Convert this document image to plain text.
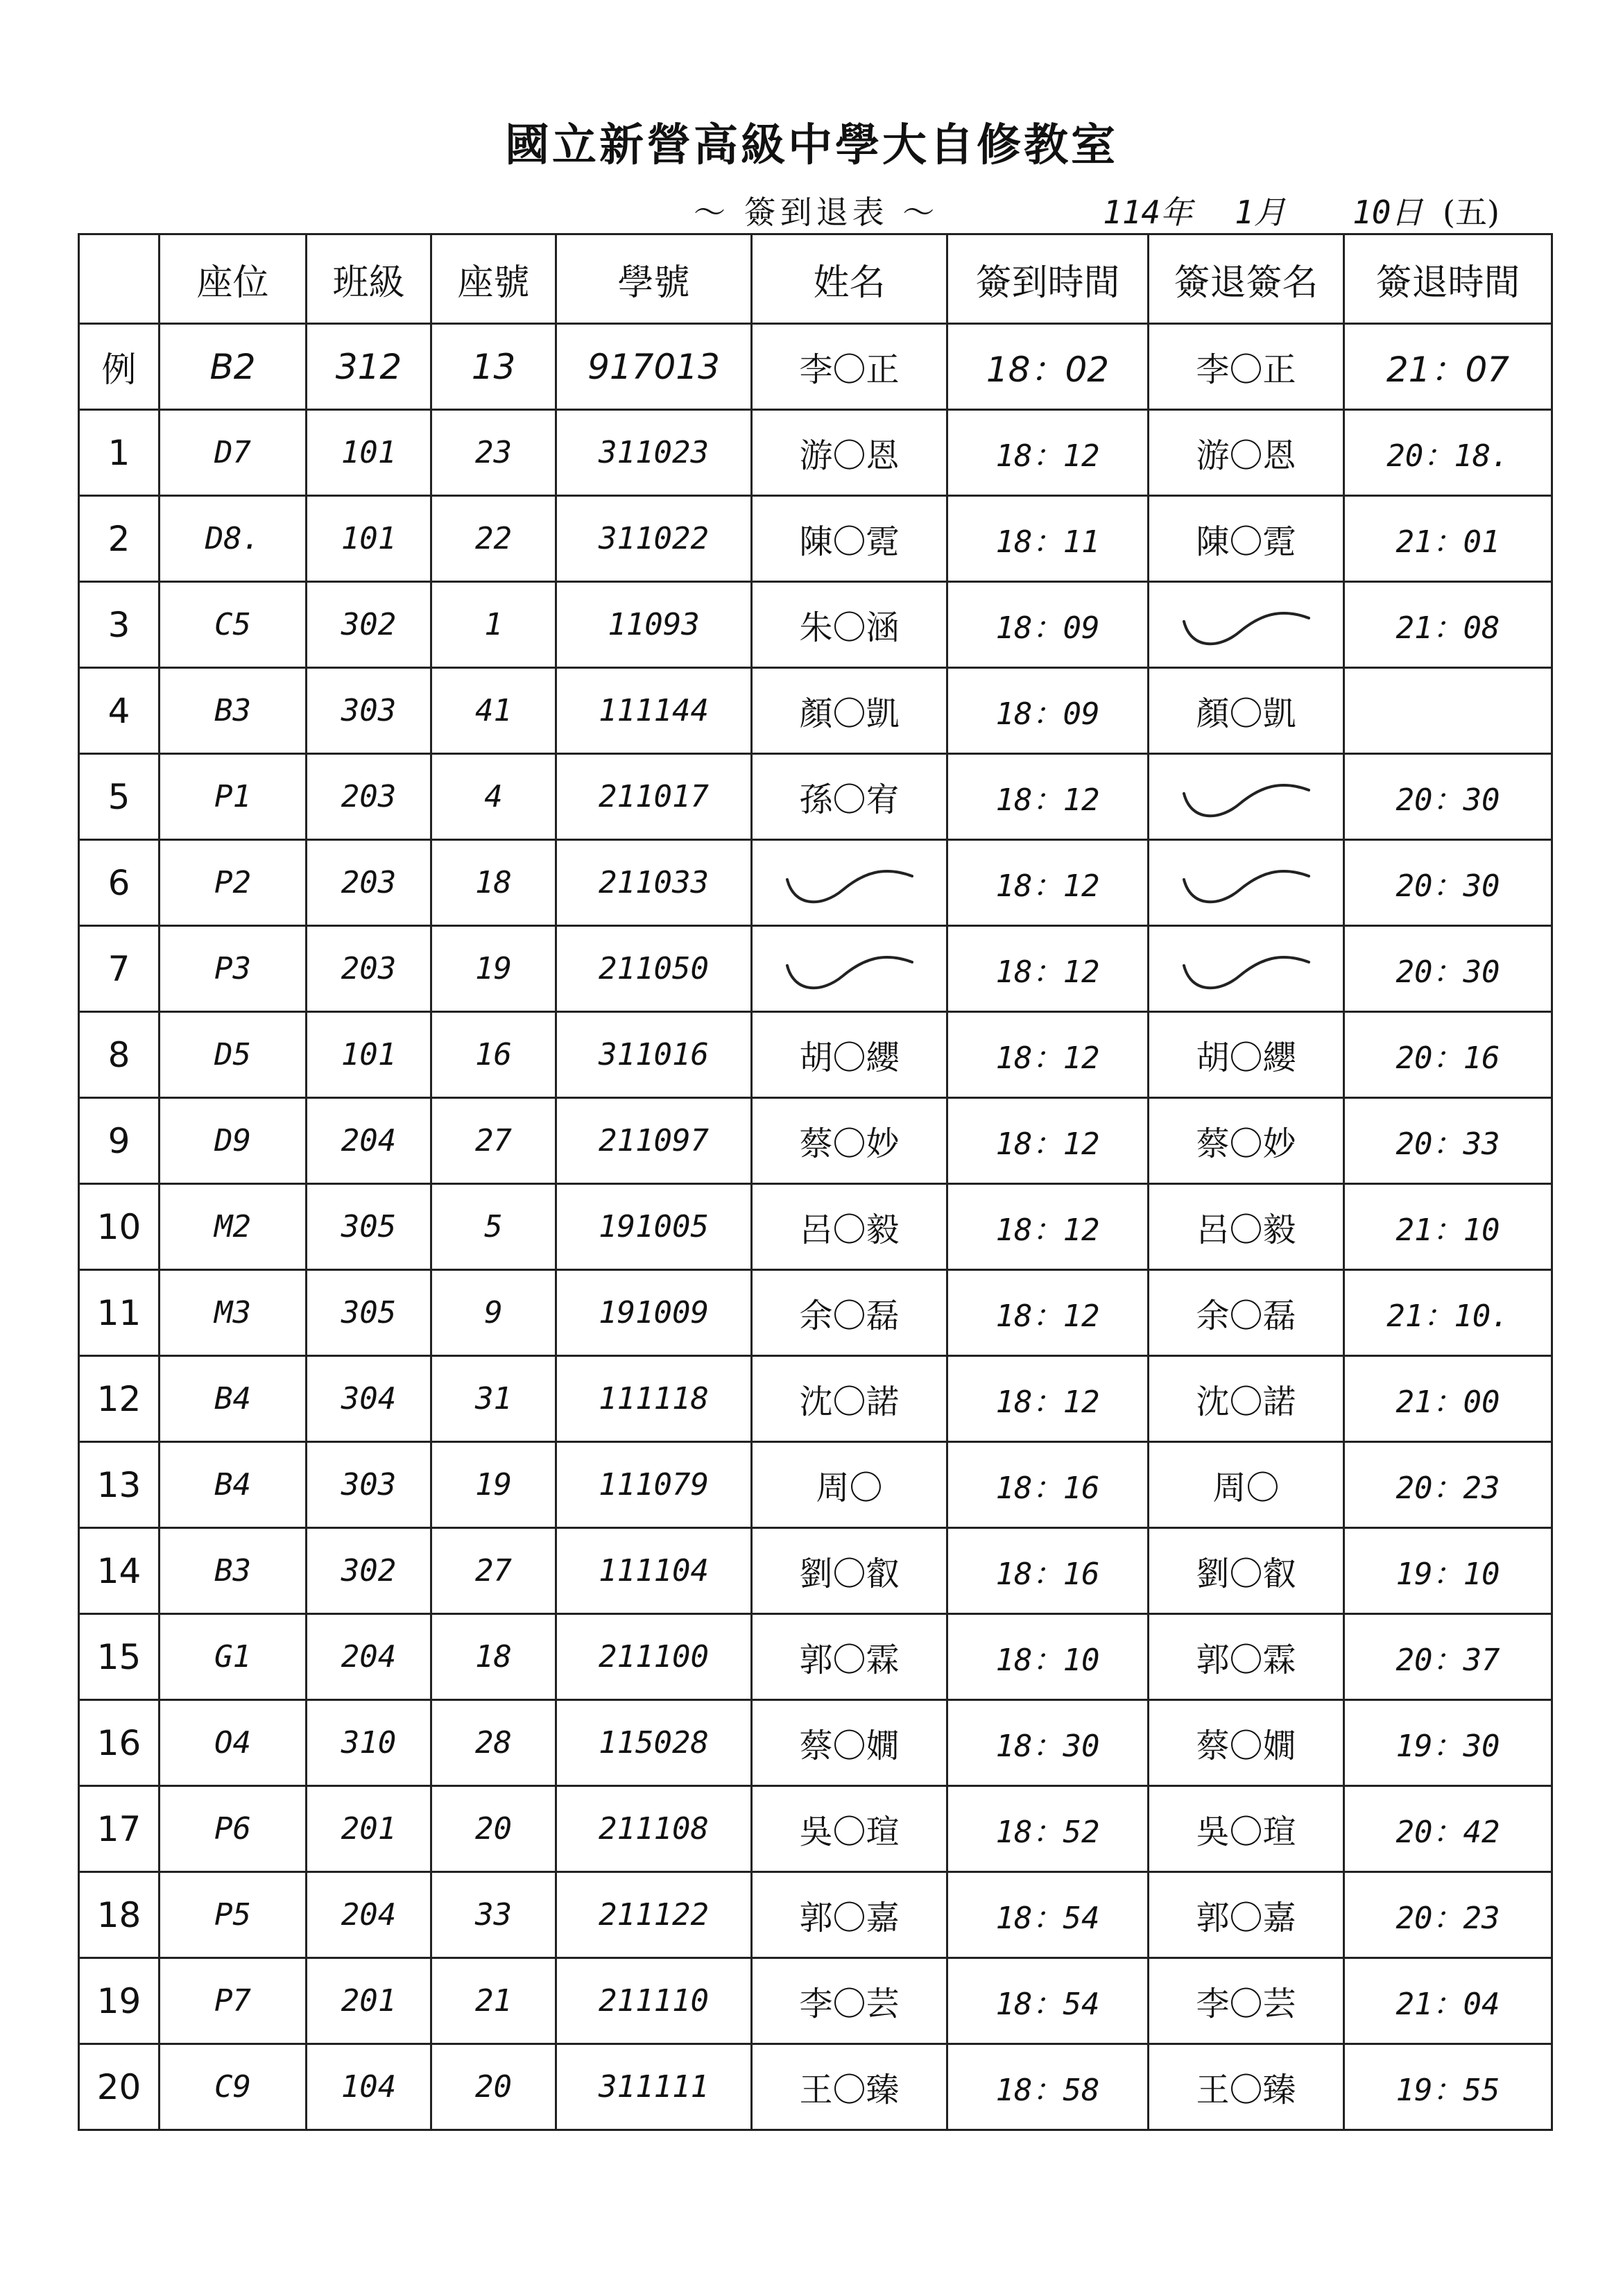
國立新營高級中學大自修教室
～ 簽到退表 ～	114年 1月 10日 (五)
	座位	班級	座號	學號	姓名	簽到時間	簽退簽名	簽退時間
例	B2	312	13	917013	李〇正	18：02	李〇正	21：07
1	D7	101	23	311023	游〇恩	18：12	游〇恩	20：18.
2	D8.	101	22	311022	陳〇霓	18：11	陳〇霓	21：01
3	C5	302	1	11093	朱〇涵	18：09		21：08
4	B3	303	41	111144	顏〇凱	18：09	顏〇凱	
5	P1	203	4	211017	孫〇宥	18：12		20：30
6	P2	203	18	211033		18：12		20：30
7	P3	203	19	211050		18：12		20：30
8	D5	101	16	311016	胡〇纓	18：12	胡〇纓	20：16
9	D9	204	27	211097	蔡〇妙	18：12	蔡〇妙	20：33
10	M2	305	5	191005	呂〇毅	18：12	呂〇毅	21：10
11	M3	305	9	191009	余〇磊	18：12	余〇磊	21：10.
12	B4	304	31	111118	沈〇諾	18：12	沈〇諾	21：00
13	B4	303	19	111079	周〇	18：16	周〇	20：23
14	B3	302	27	111104	劉〇叡	18：16	劉〇叡	19：10
15	G1	204	18	211100	郭〇霖	18：10	郭〇霖	20：37
16	O4	310	28	115028	蔡〇嫺	18：30	蔡〇嫺	19：30
17	P6	201	20	211108	吳〇瑄	18：52	吳〇瑄	20：42
18	P5	204	33	211122	郭〇嘉	18：54	郭〇嘉	20：23
19	P7	201	21	211110	李〇芸	18：54	李〇芸	21：04
20	C9	104	20	311111	王〇臻	18：58	王〇臻	19：55
